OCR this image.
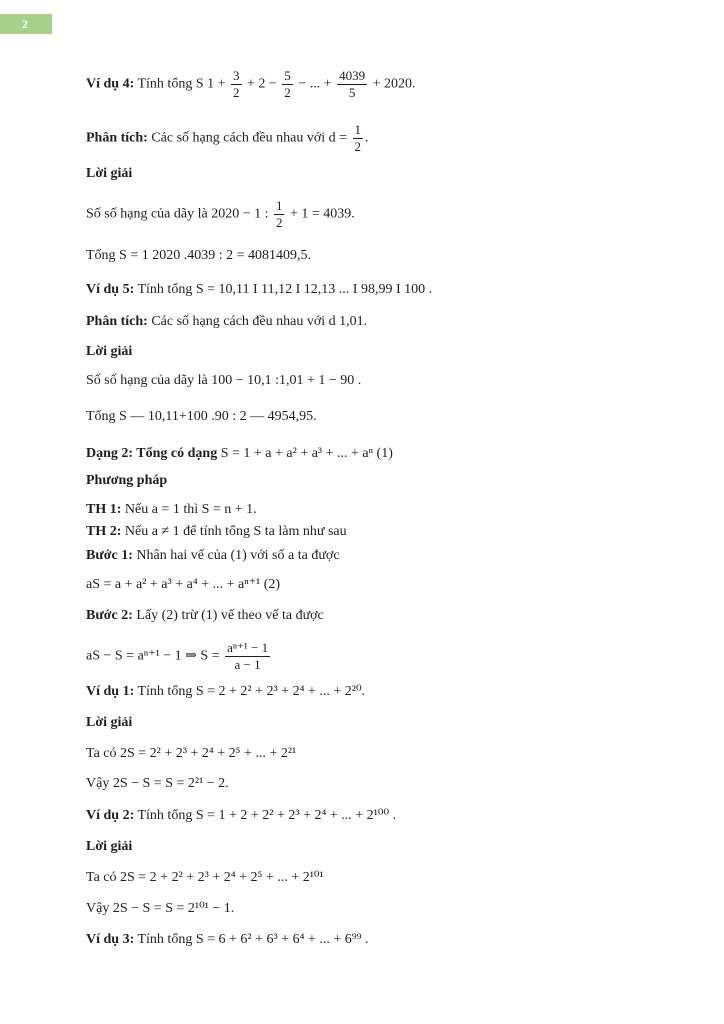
2
Ví dụ 4: Tính tổng S $1 + \frac{3}{2} + 2 - \frac{5}{2}$ − ... + $\frac{4039}{5} + 2020$.
Phân tích: Các số hạng cách đều nhau với $d = \frac{1}{2}$ .
Lời giải
Số số hạng của dãy là 2020 − 1 : $\frac{1}{2} + 1 = 4039$.
Tổng S = 1 2020 .4039 : 2 = 4081409,5.
Ví dụ 5: Tính tổng S = 10,11 I 11,12 I 12,13 ... I 98,99 I 100 .
Phân tích: Các số hạng cách đều nhau với d 1,01.
Lời giải
Số số hạng của dãy là 100 − 10,1 :1,01 + 1 − 90 .
Tổng S — 10,11+100 .90 : 2 — 4954,95.
Dạng 2: Tổng có dạng S = 1 + a + a² + a³ + ... + aⁿ (1)
Phương pháp
TH 1: Nếu a = 1 thì S = n + 1.
TH 2: Nếu a ≠ 1 để tính tổng S ta làm như sau
Bước 1: Nhân hai vế của (1) với số a ta được
aS = a + a² + a³ + a⁴ + ... + aⁿ⁺¹ (2)
Bước 2: Lấy (2) trừ (1) vế theo vế ta được
aS − S = aⁿ⁺¹ − 1 ⇒ $S = \frac{\text{aⁿ⁺¹ − 1}}{a - 1}$
Ví dụ 1: Tính tổng S = 2 + 2² + 2³ + 2⁴ + ... + 2²⁰.
Lời giải
Ta có 2S = 2² + 2³ + 2⁴ + 2⁵ + ... + 2²¹
Vậy 2S − S = S = 2²¹ − 2.
Ví dụ 2: Tính tổng S = 1 + 2 + 2² + 2³ + 2⁴ + ... + 2¹⁰⁰ .
Lời giải
Ta có 2S = 2 + 2² + 2³ + 2⁴ + 2⁵ + ... + 2¹⁰¹
Vậy 2S − S = S = 2¹⁰¹ − 1.
Ví dụ 3: Tính tổng S = 6 + 6² + 6³ + 6⁴ + ... + 6⁹⁹ .
